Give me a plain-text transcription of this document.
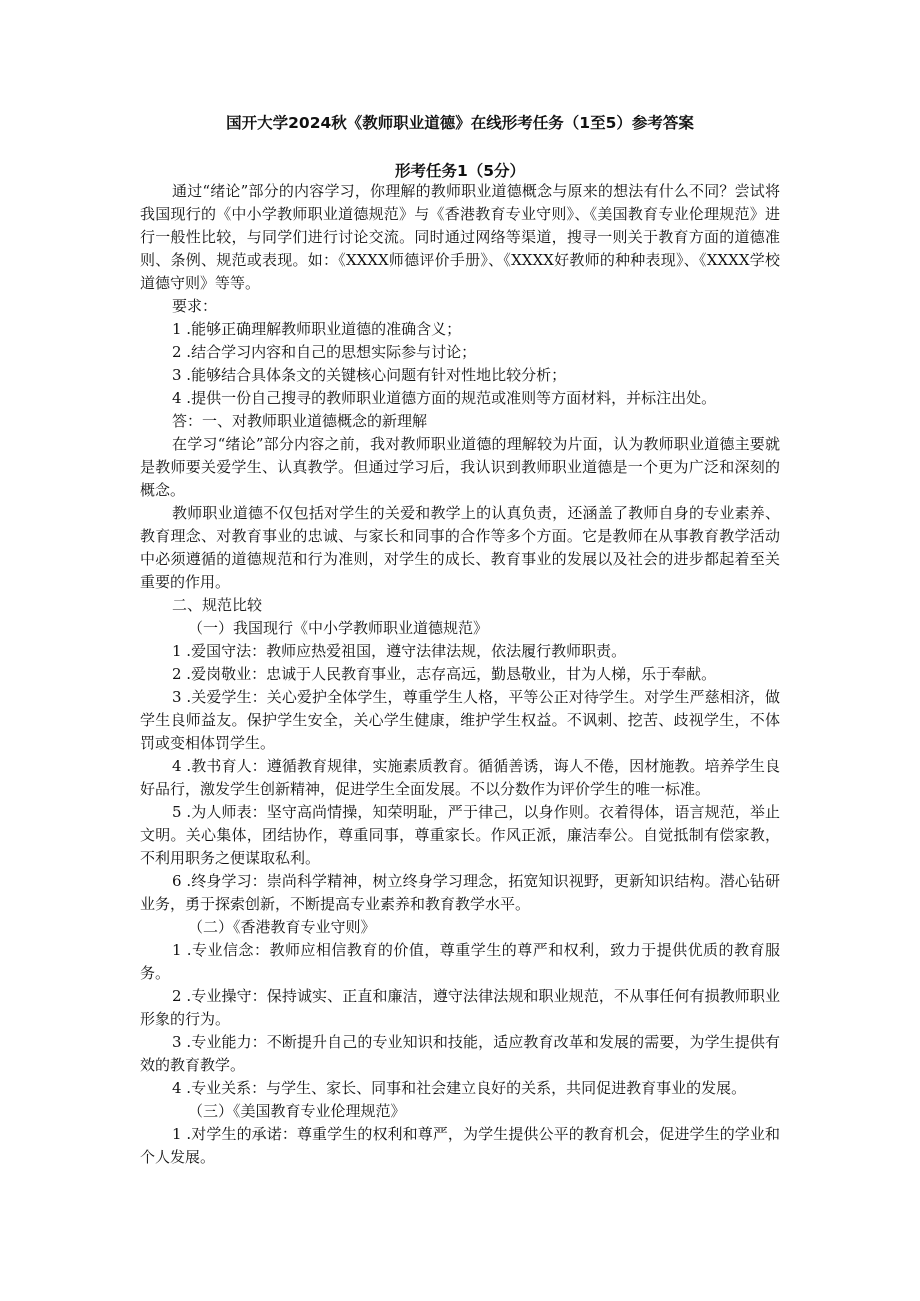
国开大学2024秋《教师职业道德》在线形考任务（1至5）参考答案
形考任务1（5分）

通过“绪论”部分的内容学习，你理解的教师职业道德概念与原来的想法有什么不同？尝试将我国现行的《中小学教师职业道德规范》与《香港教育专业守则》、《美国教育专业伦理规范》进行一般性比较，与同学们进行讨论交流。同时通过网络等渠道，搜寻一则关于教育方面的道德准则、条例、规范或表现。如：《XXXX师德评价手册》、《XXXX好教师的种种表现》、《XXXX学校道德守则》等等。

要求：

1 .能够正确理解教师职业道德的准确含义；

2 .结合学习内容和自己的思想实际参与讨论；

3 .能够结合具体条文的关键核心问题有针对性地比较分析；

4 .提供一份自己搜寻的教师职业道德方面的规范或准则等方面材料，并标注出处。

答：一、对教师职业道德概念的新理解

在学习“绪论”部分内容之前，我对教师职业道德的理解较为片面，认为教师职业道德主要就是教师要关爱学生、认真教学。但通过学习后，我认识到教师职业道德是一个更为广泛和深刻的概念。

教师职业道德不仅包括对学生的关爱和教学上的认真负责，还涵盖了教师自身的专业素养、教育理念、对教育事业的忠诚、与家长和同事的合作等多个方面。它是教师在从事教育教学活动中必须遵循的道德规范和行为准则，对学生的成长、教育事业的发展以及社会的进步都起着至关重要的作用。

二、规范比较

（一）我国现行《中小学教师职业道德规范》

1 .爱国守法：教师应热爱祖国，遵守法律法规，依法履行教师职责。

2 .爱岗敬业：忠诚于人民教育事业，志存高远，勤恳敬业，甘为人梯，乐于奉献。

3 .关爱学生：关心爱护全体学生，尊重学生人格，平等公正对待学生。对学生严慈相济，做学生良师益友。保护学生安全，关心学生健康，维护学生权益。不讽刺、挖苦、歧视学生，不体罚或变相体罚学生。

4 .教书育人：遵循教育规律，实施素质教育。循循善诱，诲人不倦，因材施教。培养学生良好品行，激发学生创新精神，促进学生全面发展。不以分数作为评价学生的唯一标准。

5 .为人师表：坚守高尚情操，知荣明耻，严于律己，以身作则。衣着得体，语言规范，举止文明。关心集体，团结协作，尊重同事，尊重家长。作风正派，廉洁奉公。自觉抵制有偿家教，不利用职务之便谋取私利。

6 .终身学习：崇尚科学精神，树立终身学习理念，拓宽知识视野，更新知识结构。潜心钻研业务，勇于探索创新，不断提高专业素养和教育教学水平。

（二）《香港教育专业守则》

1 .专业信念：教师应相信教育的价值，尊重学生的尊严和权利，致力于提供优质的教育服务。

2 .专业操守：保持诚实、正直和廉洁，遵守法律法规和职业规范，不从事任何有损教师职业形象的行为。

3 .专业能力：不断提升自己的专业知识和技能，适应教育改革和发展的需要，为学生提供有效的教育教学。

4 .专业关系：与学生、家长、同事和社会建立良好的关系，共同促进教育事业的发展。

（三）《美国教育专业伦理规范》

1 .对学生的承诺：尊重学生的权利和尊严，为学生提供公平的教育机会，促进学生的学业和个人发展。
